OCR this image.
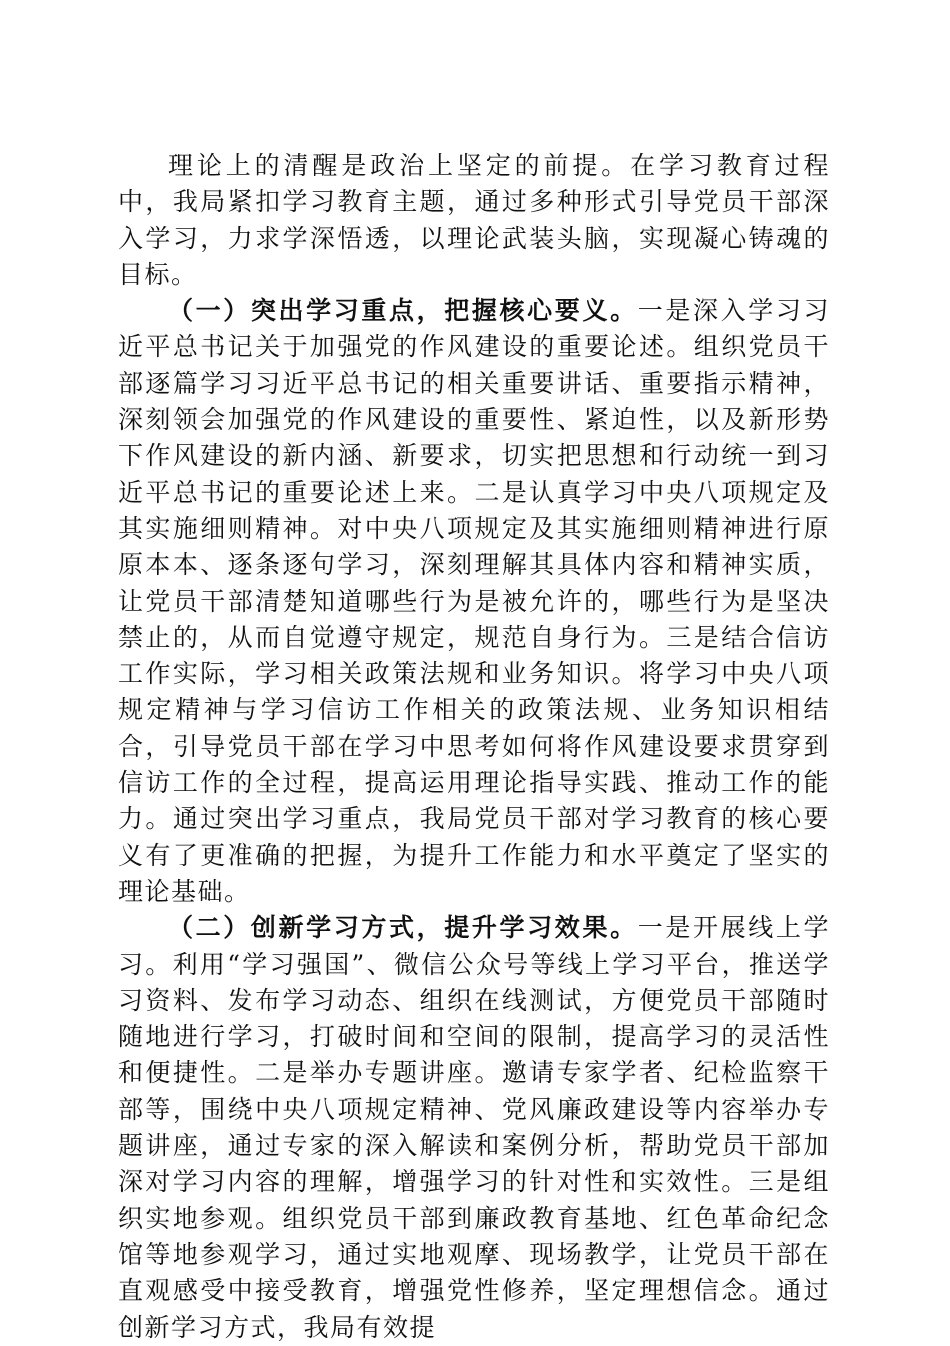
理论上的清醒是政治上坚定的前提。在学习教育过程中，我局紧扣学习教育主题，通过多种形式引导党员干部深入学习，力求学深悟透，以理论武装头脑，实现凝心铸魂的目标。

（一）突出学习重点，把握核心要义。一是深入学习习近平总书记关于加强党的作风建设的重要论述。组织党员干部逐篇学习习近平总书记的相关重要讲话、重要指示精神，深刻领会加强党的作风建设的重要性、紧迫性，以及新形势下作风建设的新内涵、新要求，切实把思想和行动统一到习近平总书记的重要论述上来。二是认真学习中央八项规定及其实施细则精神。对中央八项规定及其实施细则精神进行原原本本、逐条逐句学习，深刻理解其具体内容和精神实质，让党员干部清楚知道哪些行为是被允许的，哪些行为是坚决禁止的，从而自觉遵守规定，规范自身行为。三是结合信访工作实际，学习相关政策法规和业务知识。将学习中央八项规定精神与学习信访工作相关的政策法规、业务知识相结合，引导党员干部在学习中思考如何将作风建设要求贯穿到信访工作的全过程，提高运用理论指导实践、推动工作的能力。通过突出学习重点，我局党员干部对学习教育的核心要义有了更准确的把握，为提升工作能力和水平奠定了坚实的理论基础。

（二）创新学习方式，提升学习效果。一是开展线上学习。利用“学习强国”、微信公众号等线上学习平台，推送学习资料、发布学习动态、组织在线测试，方便党员干部随时随地进行学习，打破时间和空间的限制，提高学习的灵活性和便捷性。二是举办专题讲座。邀请专家学者、纪检监察干部等，围绕中央八项规定精神、党风廉政建设等内容举办专题讲座，通过专家的深入解读和案例分析，帮助党员干部加深对学习内容的理解，增强学习的针对性和实效性。三是组织实地参观。组织党员干部到廉政教育基地、红色革命纪念馆等地参观学习，通过实地观摩、现场教学，让党员干部在直观感受中接受教育，增强党性修养，坚定理想信念。通过创新学习方式，我局有效提
